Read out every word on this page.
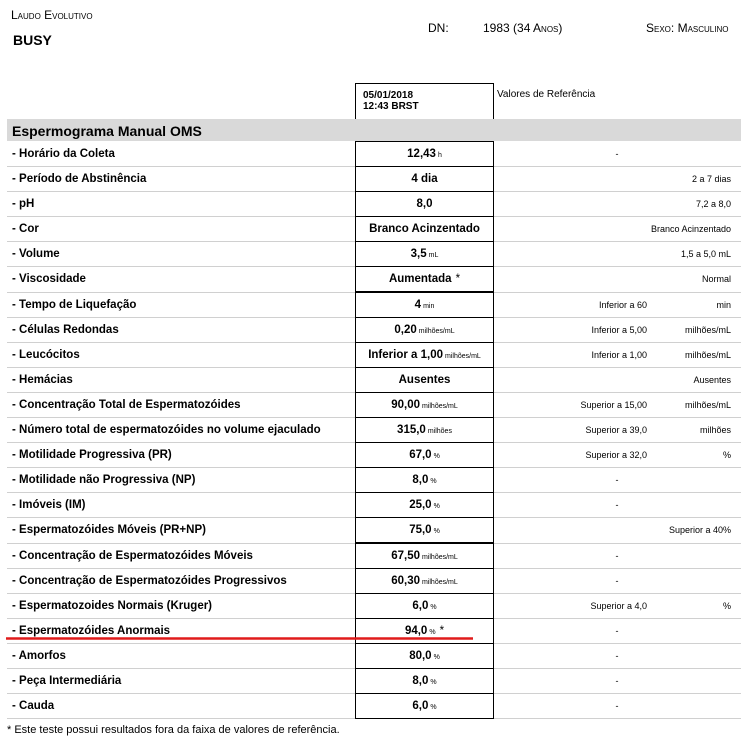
Laudo Evolutivo
BUSY
DN:	1983 (34 Anos)	Sexo: Masculino
05/01/2018
12:43 BRST
Valores de Referência
Espermograma Manual OMS
- Horário da Coleta	12,43 h	-
- Período de Abstinência	4 dia	2 a 7 dias
- pH	8,0	7,2 a 8,0
- Cor	Branco Acinzentado	Branco Acinzentado
- Volume	3,5 mL	1,5 a 5,0 mL
- Viscosidade	Aumentada *	Normal
- Tempo de Liquefação	4 min	Inferior a 60	min
- Células Redondas	0,20 milhões/mL	Inferior a 5,00	milhões/mL
- Leucócitos	Inferior a 1,00 milhões/mL	Inferior a 1,00	milhões/mL
- Hemácias	Ausentes	Ausentes
- Concentração Total de Espermatozóides	90,00 milhões/mL	Superior a 15,00	milhões/mL
- Número total de espermatozóides no volume ejaculado	315,0 milhões	Superior a 39,0	milhões
- Motilidade Progressiva (PR)	67,0 %	Superior a 32,0	%
- Motilidade não Progressiva (NP)	8,0 %	-
- Imóveis (IM)	25,0 %	-
- Espermatozóides Móveis (PR+NP)	75,0 %	Superior a 40%
- Concentração de Espermatozóides Móveis	67,50 milhões/mL	-
- Concentração de Espermatozóides Progressivos	60,30 milhões/mL	-
- Espermatozoides Normais (Kruger)	6,0 %	Superior a 4,0	%
- Espermatozóides Anormais	94,0 % *	-
- Amorfos	80,0 %	-
- Peça Intermediária	8,0 %	-
- Cauda	6,0 %	-
* Este teste possui resultados fora da faixa de valores de referência.
